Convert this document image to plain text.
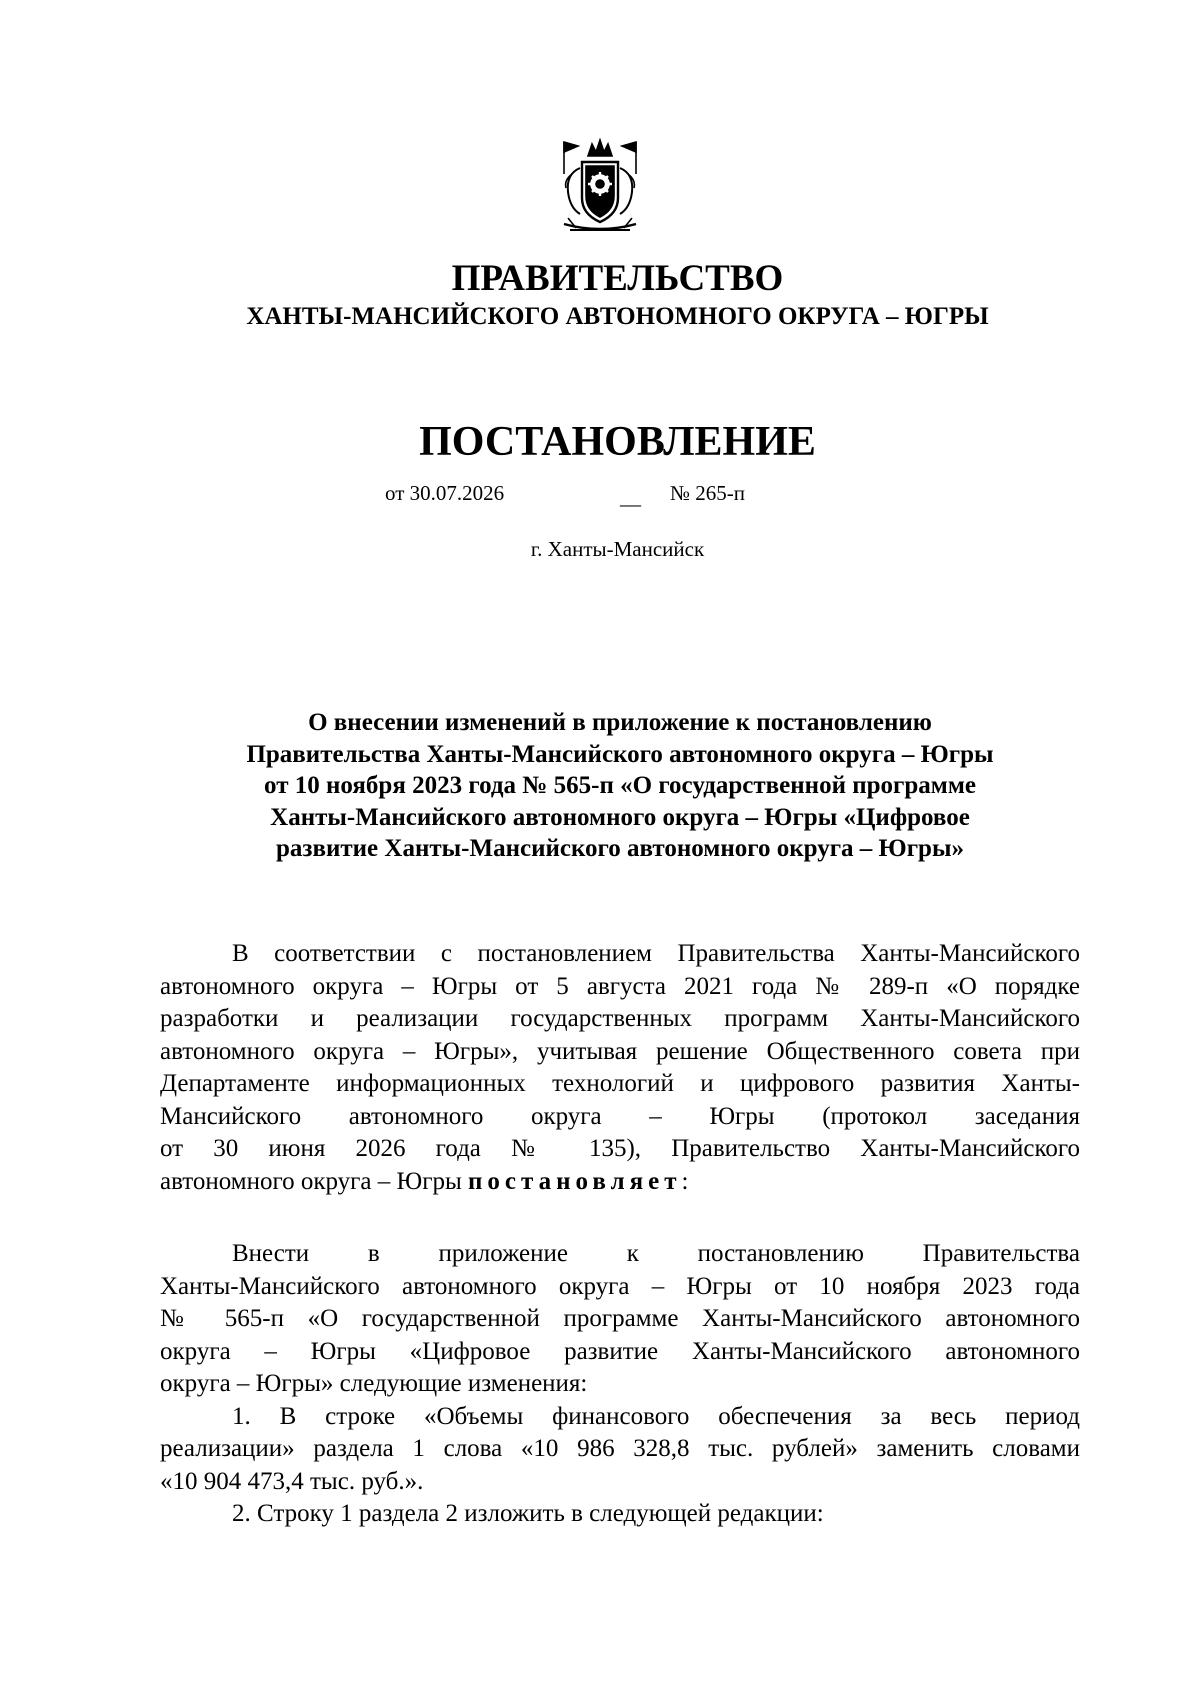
ПРАВИТЕЛЬСТВО
ХАНТЫ-МАНСИЙСКОГО АВТОНОМНОГО ОКРУГА – ЮГРЫ
ПОСТАНОВЛЕНИЕ
от 30.07.2026	__ № 265-п
г. Ханты-Мансийск
О внесении изменений в приложение к постановлению
Правительства Ханты-Мансийского автономного округа – Югры
от 10 ноября 2023 года № 565-п «О государственной программе
Ханты-Мансийского автономного округа – Югры «Цифровое
развитие Ханты-Мансийского автономного округа – Югры»
В соответствии с постановлением Правительства Ханты-Мансийского
автономного округа – Югры от 5 августа 2021 года № 289-п «О порядке
разработки и реализации государственных программ Ханты-Мансийского
автономного округа – Югры», учитывая решение Общественного совета при
Департаменте информационных технологий и цифрового развития Ханты-
Мансийского автономного округа – Югры (протокол заседания
от 30 июня 2026 года № 135), Правительство Ханты-Мансийского
автономного округа – Югры постановляет:
Внести в приложение к постановлению Правительства
Ханты-Мансийского автономного округа – Югры от 10 ноября 2023 года
№ 565-п «О государственной программе Ханты-Мансийского автономного
округа – Югры «Цифровое развитие Ханты-Мансийского автономного
округа – Югры» следующие изменения:
1. В строке «Объемы финансового обеспечения за весь период
реализации» раздела 1 слова «10 986 328,8 тыс. рублей» заменить словами
«10 904 473,4 тыс. руб.».
2. Строку 1 раздела 2 изложить в следующей редакции:
